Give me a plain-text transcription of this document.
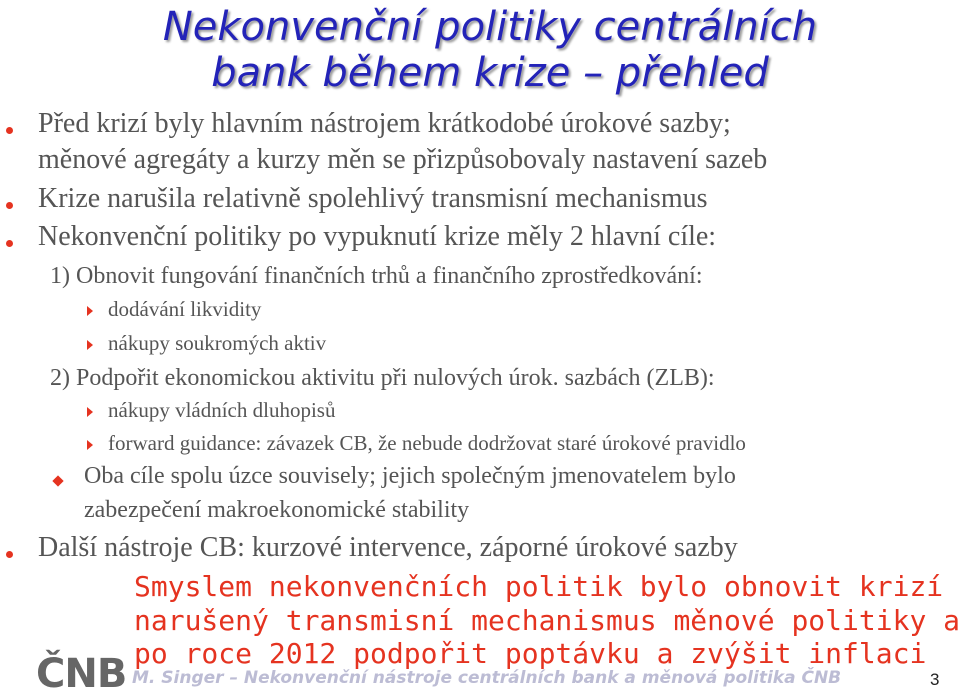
Nekonvenční politiky centrálních
bank během krize – přehled
Před krizí byly hlavním nástrojem krátkodobé úrokové sazby;
měnové agregáty a kurzy měn se přizpůsobovaly nastavení sazeb
Krize narušila relativně spolehlivý transmisní mechanismus
Nekonvenční politiky po vypuknutí krize měly 2 hlavní cíle:
1) Obnovit fungování finančních trhů a finančního zprostředkování:
dodávání likvidity
nákupy soukromých aktiv
2) Podpořit ekonomickou aktivitu při nulových úrok. sazbách (ZLB):
nákupy vládních dluhopisů
forward guidance: závazek CB, že nebude dodržovat staré úrokové pravidlo
Oba cíle spolu úzce souvisely; jejich společným jmenovatelem bylo
zabezpečení makroekonomické stability
Další nástroje CB: kurzové intervence, záporné úrokové sazby
Smyslem nekonvenčních politik bylo obnovit krizí
narušený transmisní mechanismus měnové politiky a
po roce 2012 podpořit poptávku a zvýšit inflaci
ČNB M. Singer – Nekonvenční nástroje centrálních bank a měnová politika ČNB	3
